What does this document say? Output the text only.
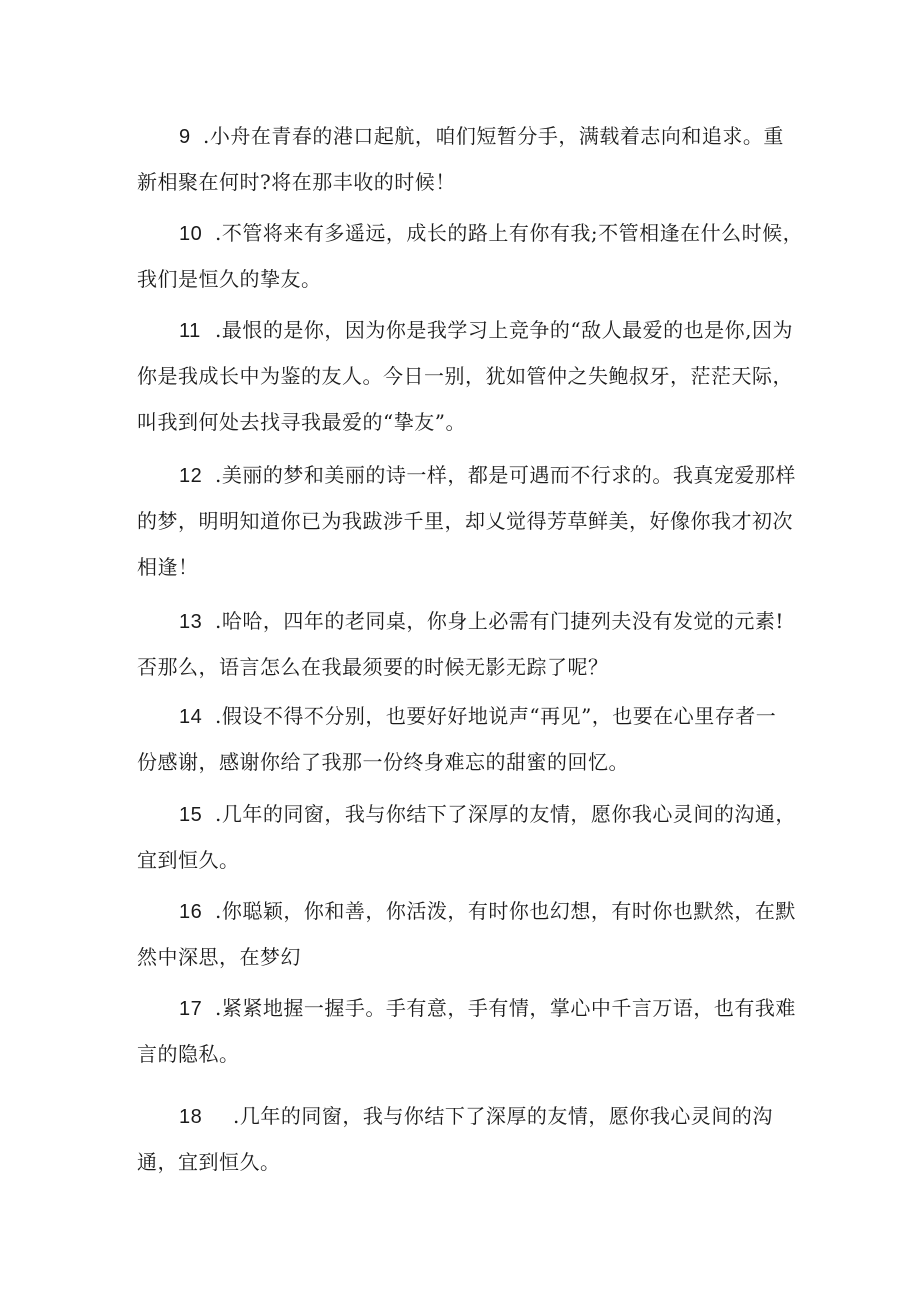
9 .小舟在青春的港口起航，咱们短暂分手，满载着志向和追求。重
新相聚在何时?将在那丰收的时候！
10 .不管将来有多遥远，成长的路上有你有我;不管相逢在什么时候，
我们是恒久的挚友。
11 .最恨的是你，因为你是我学习上竞争的“敌人最爱的也是你,因为
你是我成长中为鉴的友人。今日一别，犹如管仲之失鲍叔牙，茫茫天际，
叫我到何处去找寻我最爱的“挚友”。
12 .美丽的梦和美丽的诗一样，都是可遇而不行求的。我真宠爱那样
的梦，明明知道你已为我跋涉千里，却乂觉得芳草鲜美，好像你我才初次
相逢！
13 .哈哈，四年的老同桌，你身上必需有门捷列夫没有发觉的元素!
否那么，语言怎么在我最须要的时候无影无踪了呢？
14 .假设不得不分别，也要好好地说声“再见”，也要在心里存者一
份感谢，感谢你给了我那一份终身难忘的甜蜜的回忆。
15 .几年的同窗，我与你结下了深厚的友情，愿你我心灵间的沟通，
宜到恒久。
16 .你聪颖，你和善，你活泼，有时你也幻想，有时你也默然，在默
然中深思，在梦幻
17 .紧紧地握一握手。手有意，手有情，掌心中千言万语，也有我难
言的隐私。
18 .几年的同窗，我与你结下了深厚的友情，愿你我心灵间的沟
通，宜到恒久。
